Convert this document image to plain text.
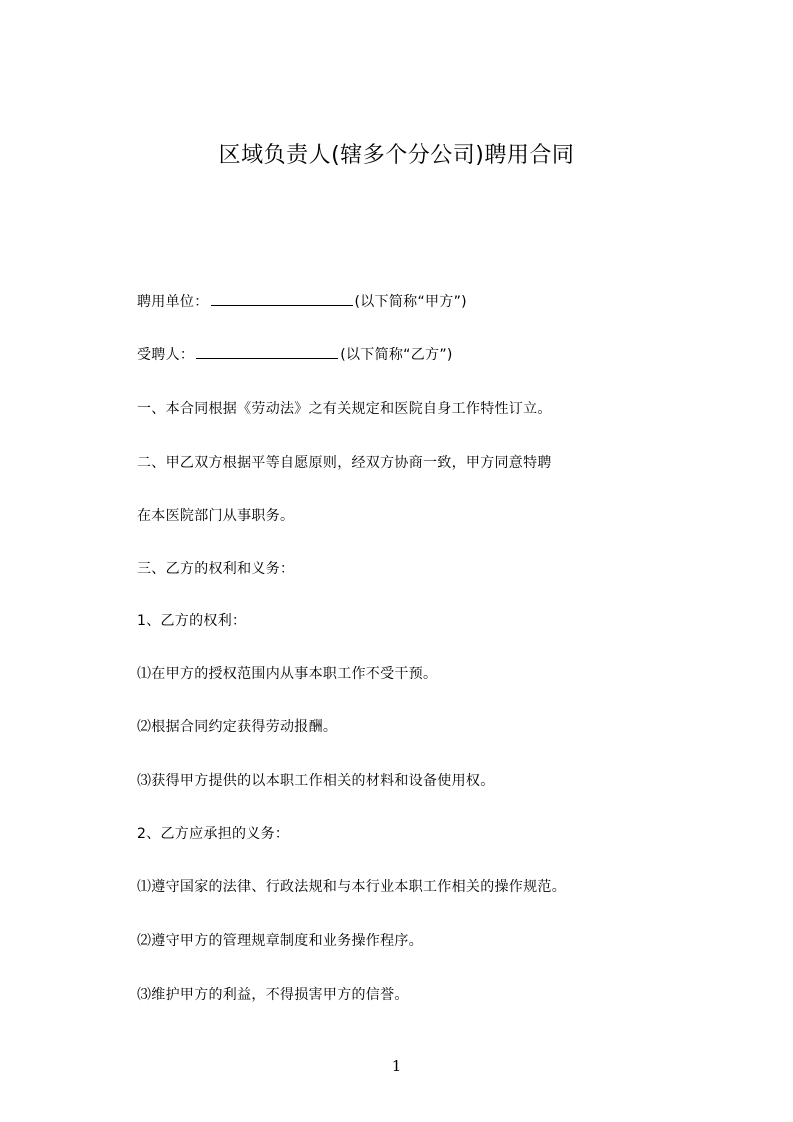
区域负责人(辖多个分公司)聘用合同
聘用单位：	(以下简称“甲方”)
受聘人：	(以下简称“乙方”)
一、本合同根据《劳动法》之有关规定和医院自身工作特性订立。
二、甲乙双方根据平等自愿原则，经双方协商一致，甲方同意特聘
在本医院部门从事职务。
三、乙方的权利和义务：
1、乙方的权利：
⑴在甲方的授权范围内从事本职工作不受干预。
⑵根据合同约定获得劳动报酬。
⑶获得甲方提供的以本职工作相关的材料和设备使用权。
2、乙方应承担的义务：
⑴遵守国家的法律、行政法规和与本行业本职工作相关的操作规范。
⑵遵守甲方的管理规章制度和业务操作程序。
⑶维护甲方的利益，不得损害甲方的信誉。
1
